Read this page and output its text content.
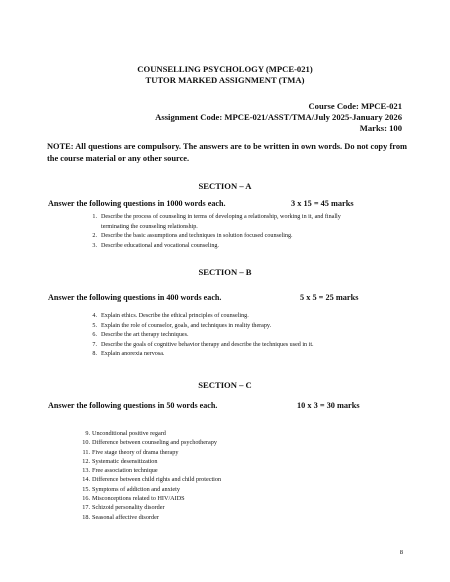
COUNSELLING PSYCHOLOGY (MPCE-021)
TUTOR MARKED ASSIGNMENT (TMA)
Course Code: MPCE-021
Assignment Code: MPCE-021/ASST/TMA/July 2025-January 2026
Marks: 100
NOTE: All questions are compulsory. The answers are to be written in own words. Do not copy from the course material or any other source.
SECTION – A
Answer the following questions in 1000 words each.	3 x 15 = 45 marks
1. Describe the process of counseling in terms of developing a relationship, working in it, and finally terminating the counseling relationship.
2. Describe the basic assumptions and techniques in solution focused counseling.
3. Describe educational and vocational counseling.
SECTION – B
Answer the following questions in 400 words each.	5 x 5 = 25 marks
4. Explain ethics. Describe the ethical principles of counseling.
5. Explain the role of counselor, goals, and techniques in reality therapy.
6. Describe the art therapy techniques.
7. Describe the goals of cognitive behavior therapy and describe the techniques used in it.
8. Explain anorexia nervosa.
SECTION – C
Answer the following questions in 50 words each.	10 x 3 = 30 marks
9. Unconditional positive regard
10. Difference between counseling and psychotherapy
11. Five stage theory of drama therapy
12. Systematic desensitization
13. Free association technique
14. Difference between child rights and child protection
15. Symptoms of addiction and anxiety
16. Misconceptions related to HIV/AIDS
17. Schizoid personality disorder
18. Seasonal affective disorder
8
